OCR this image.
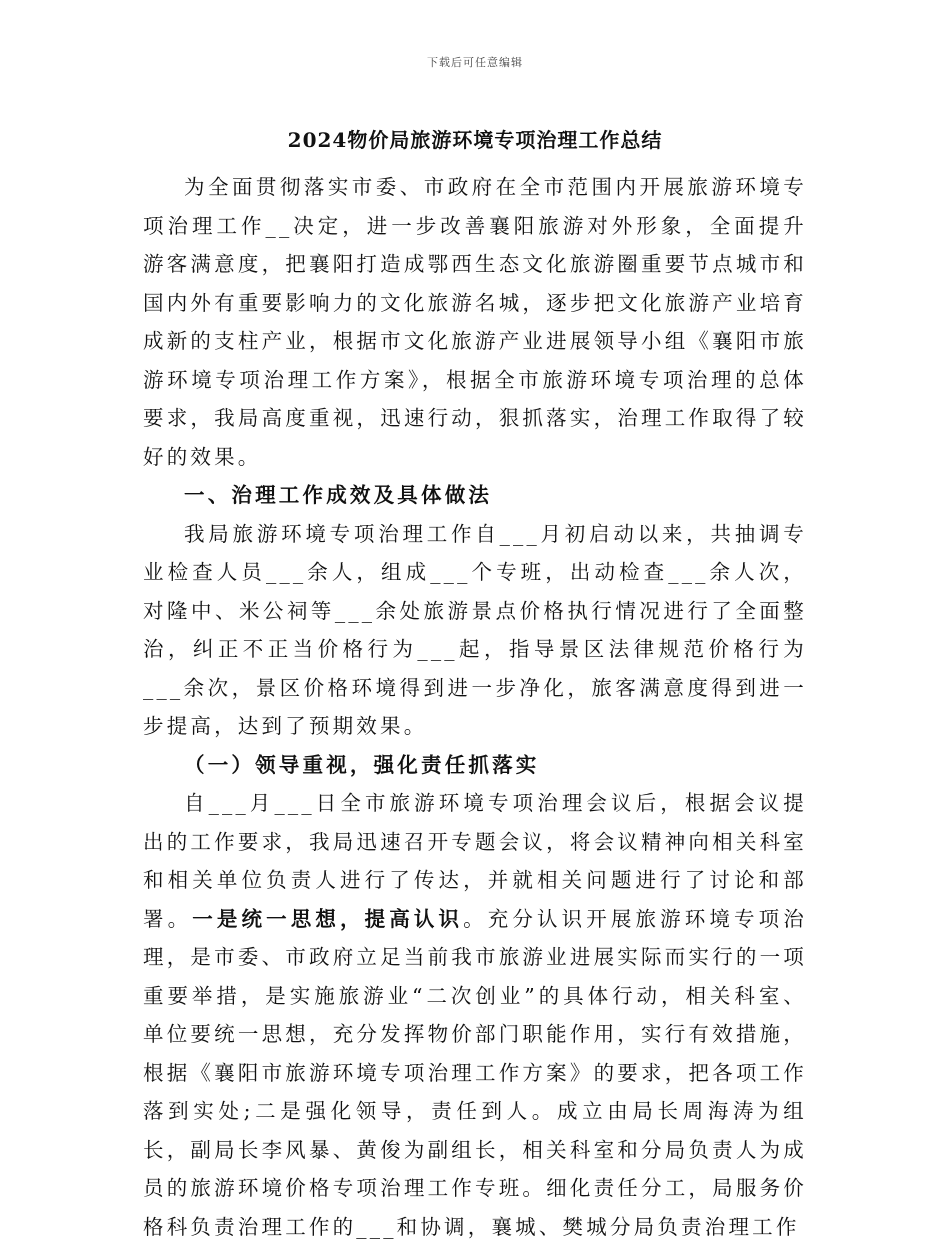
下载后可任意编辑
2024物价局旅游环境专项治理工作总结

为全面贯彻落实市委、市政府在全市范围内开展旅游环境专项治理工作__决定，进一步改善襄阳旅游对外形象，全面提升游客满意度，把襄阳打造成鄂西生态文化旅游圈重要节点城市和国内外有重要影响力的文化旅游名城，逐步把文化旅游产业培育成新的支柱产业，根据市文化旅游产业进展领导小组《襄阳市旅游环境专项治理工作方案》，根据全市旅游环境专项治理的总体要求，我局高度重视，迅速行动，狠抓落实，治理工作取得了较好的效果。

一、治理工作成效及具体做法

我局旅游环境专项治理工作自___月初启动以来，共抽调专业检查人员___余人，组成___个专班，出动检查___余人次，对隆中、米公祠等___余处旅游景点价格执行情况进行了全面整治，纠正不正当价格行为___起，指导景区法律规范价格行为___余次，景区价格环境得到进一步净化，旅客满意度得到进一步提高，达到了预期效果。

（一）领导重视，强化责任抓落实

自___月___日全市旅游环境专项治理会议后，根据会议提出的工作要求，我局迅速召开专题会议，将会议精神向相关科室和相关单位负责人进行了传达，并就相关问题进行了讨论和部署。一是统一思想，提高认识。充分认识开展旅游环境专项治理，是市委、市政府立足当前我市旅游业进展实际而实行的一项重要举措，是实施旅游业“二次创业”的具体行动，相关科室、单位要统一思想，充分发挥物价部门职能作用，实行有效措施，根据《襄阳市旅游环境专项治理工作方案》的要求，把各项工作落到实处;二是强化领导，责任到人。成立由局长周海涛为组长，副局长李风暴、黄俊为副组长，相关科室和分局负责人为成员的旅游环境价格专项治理工作专班。细化责任分工，局服务价格科负责治理工作的___和协调，襄城、樊城分局负责治理工作
